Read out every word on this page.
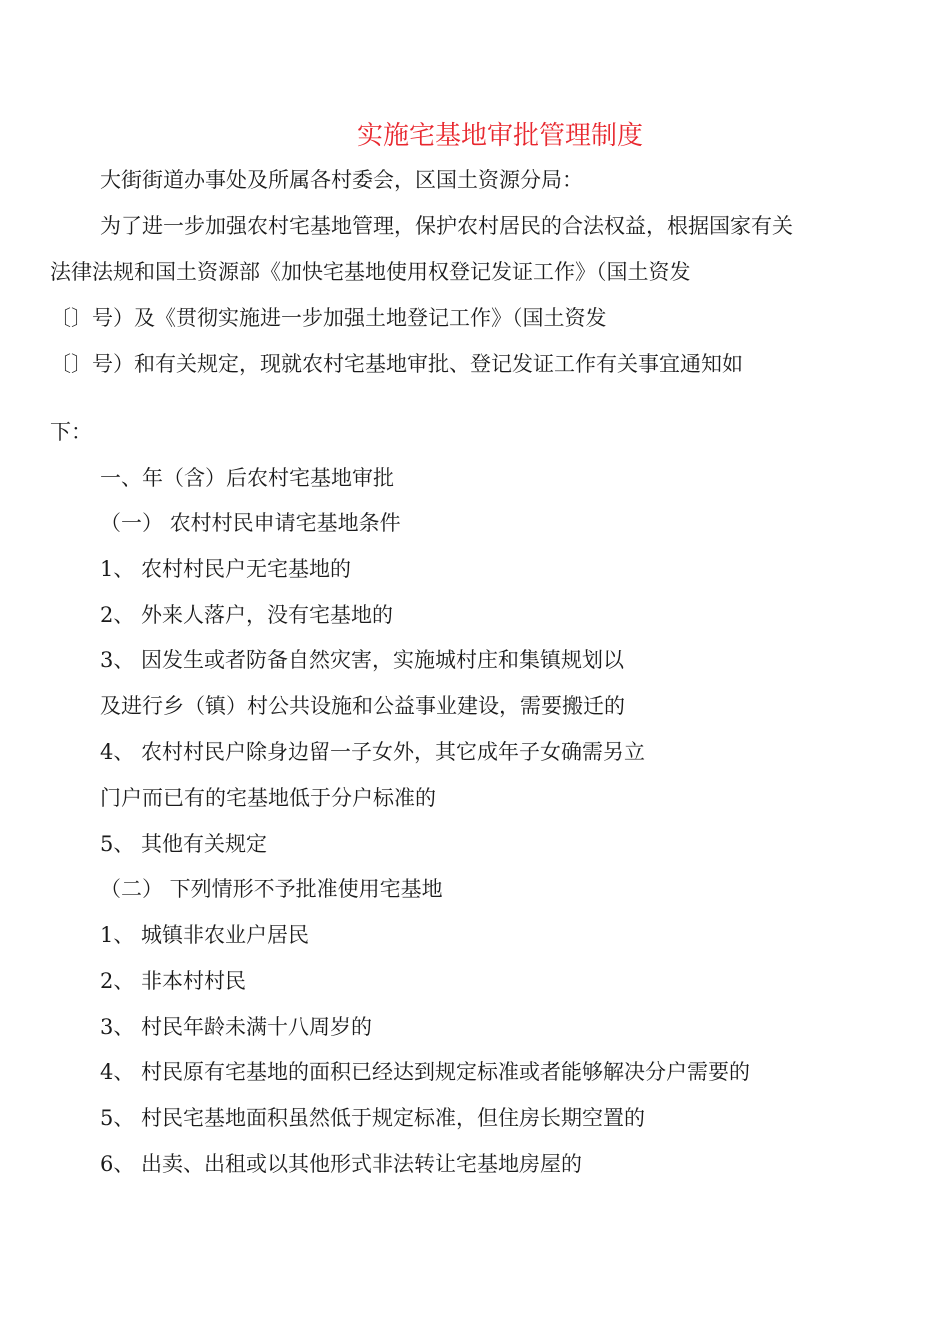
实施宅基地审批管理制度
大街街道办事处及所属各村委会，区国土资源分局：
为了进一步加强农村宅基地管理，保护农村居民的合法权益，根据国家有关
法律法规和国土资源部《加快宅基地使用权登记发证工作》（国土资发
〔〕号）及《贯彻实施进一步加强土地登记工作》（国土资发
〔〕号）和有关规定，现就农村宅基地审批、登记发证工作有关事宜通知如
下：
一、年（含）后农村宅基地审批
（一） 农村村民申请宅基地条件
1、 农村村民户无宅基地的
2、 外来人落户，没有宅基地的
3、 因发生或者防备自然灾害，实施城村庄和集镇规划以
及进行乡（镇）村公共设施和公益事业建设，需要搬迁的
4、 农村村民户除身边留一子女外，其它成年子女确需另立
门户而已有的宅基地低于分户标准的
5、 其他有关规定
（二） 下列情形不予批准使用宅基地
1、 城镇非农业户居民
2、 非本村村民
3、 村民年龄未满十八周岁的
4、 村民原有宅基地的面积已经达到规定标准或者能够解决分户需要的
5、 村民宅基地面积虽然低于规定标准，但住房长期空置的
6、 出卖、出租或以其他形式非法转让宅基地房屋的
